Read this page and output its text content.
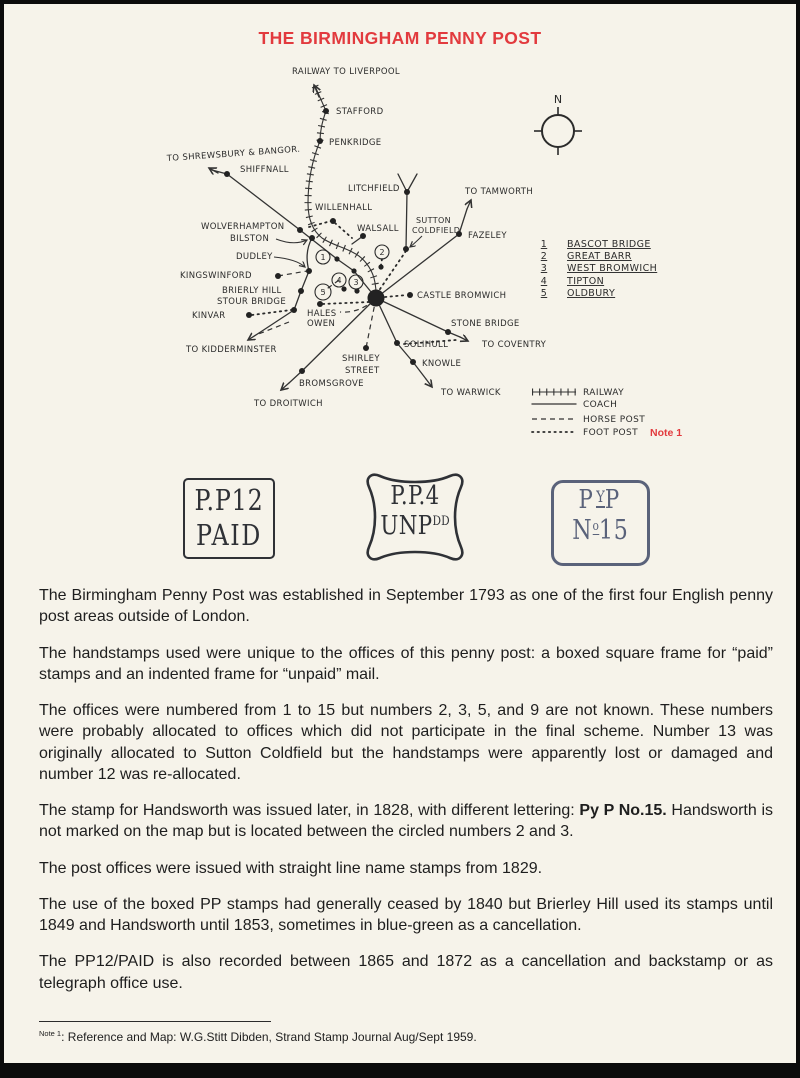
THE BIRMINGHAM PENNY POST
1
2
3
4
5
RAILWAY TO LIVERPOOL
STAFFORD
PENKRIDGE
TO SHREWSBURY & BANGOR.
SHIFFNALL
LITCHFIELD	TO TAMWORTH
WILLENHALL
WOLVERHAMPTON
BILSTON
WALSALL
SUTTON
COLDFIELD
FAZELEY
DUDLEY
KINGSWINFORD
BRIERLY HILL
STOUR BRIDGE
KINVAR	HALES
OWEN
CASTLE BROMWICH
STONE BRIDGE
SOLIHULL	TO COVENTRY
SHIRLEY
STREET
KNOWLE
TO WARWICK
BROMSGROVE
TO DROITWICH
TO KIDDERMINSTER
N
1 BASCOT BRIDGE
2 GREAT BARR
3 WEST BROMWICH
4 TIPTON
5 OLDBURY
RAILWAY
COACH
HORSE POST
FOOT POST Note 1
P.P12
PAID
P.P.4
$UNP^{DD}$
$P^YP$
$N^o15$

The Birmingham Penny Post was established in September 1793 as one of the first four English penny post areas outside of London.

The handstamps used were unique to the offices of this penny post: a boxed square frame for “paid” stamps and an indented frame for “unpaid” mail.

The offices were numbered from 1 to 15 but numbers 2, 3, 5, and 9 are not known. These numbers were probably allocated to offices which did not participate in the final scheme. Number 13 was originally allocated to Sutton Coldfield but the handstamps were apparently lost or damaged and number 12 was re-allocated.

The stamp for Handsworth was issued later, in 1828, with different lettering: Py P No.15. Handsworth is not marked on the map but is located between the circled numbers 2 and 3.

The post offices were issued with straight line name stamps from 1829.

The use of the boxed PP stamps had generally ceased by 1840 but Brierley Hill used its stamps until 1849 and Handsworth until 1853, sometimes in blue-green as a cancellation.

The PP12/PAID is also recorded between 1865 and 1872 as a cancellation and backstamp or as telegraph office use.

$^{Note 1}$: Reference and Map: W.G.Stitt Dibden, Strand Stamp Journal Aug/Sept 1959.
